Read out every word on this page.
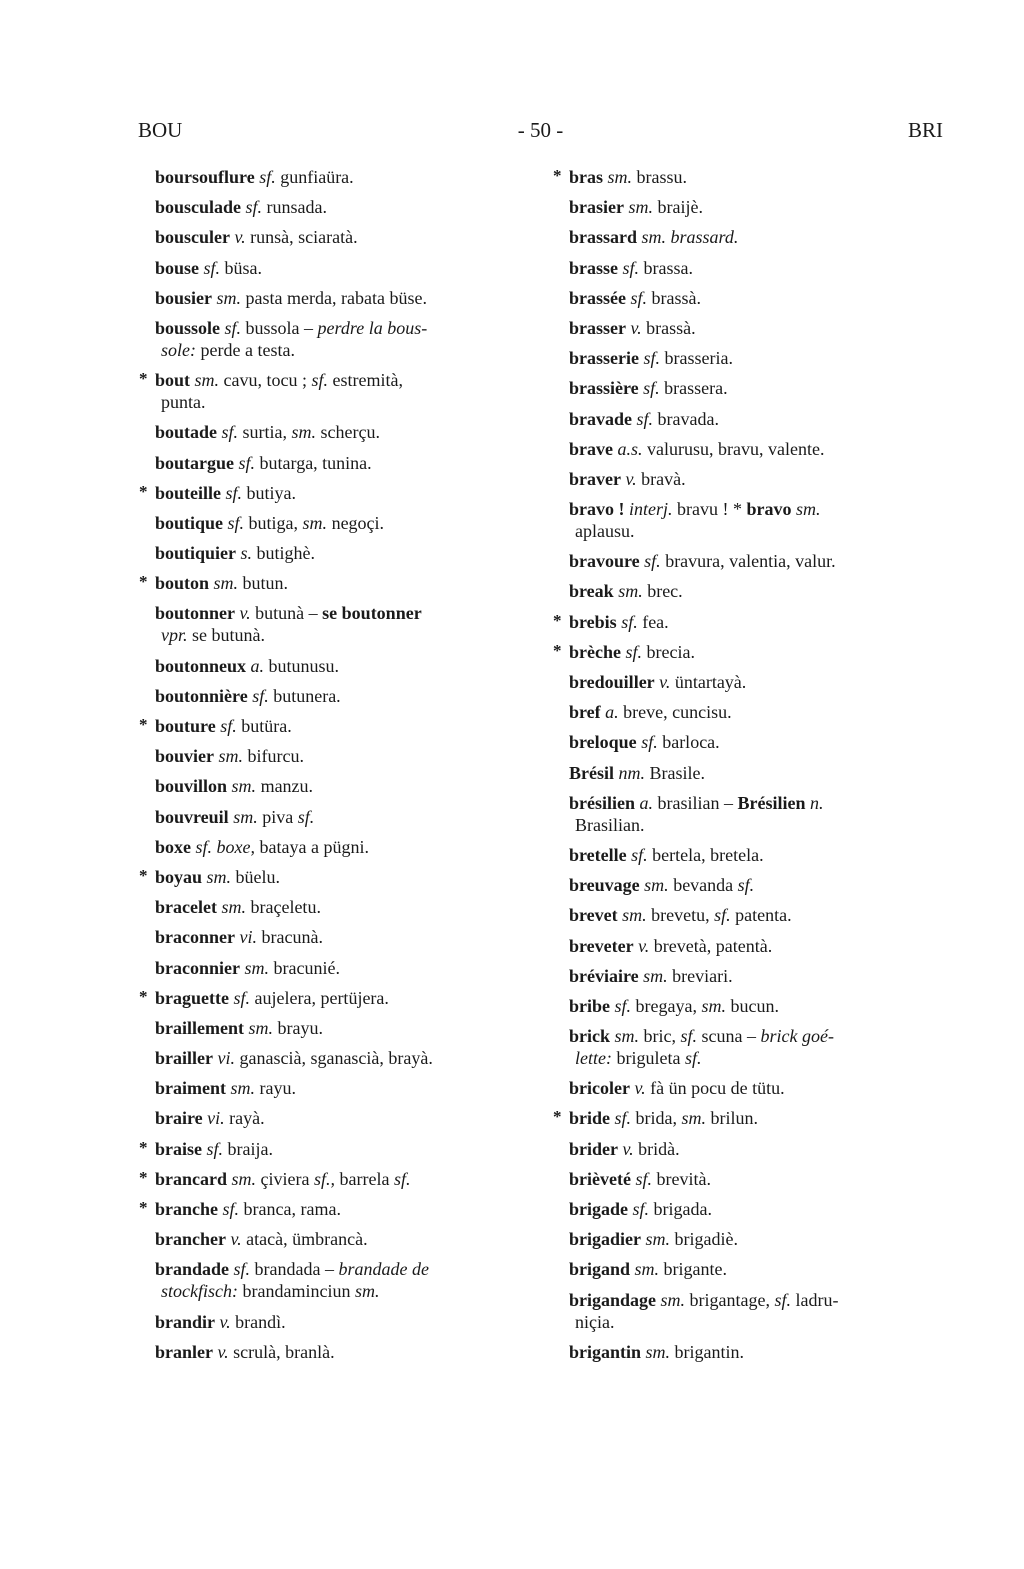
BOU	- 50 -	BRI
boursouflure sf. gunfiaüra.
bousculade sf. runsada.
bousculer v. runsà, sciaratà.
bouse sf. büsa.
bousier sm. pasta merda, rabata büse.
boussole sf. bussola – perdre la bous-
sole: perde a testa.
* bout sm. cavu, tocu ; sf. estremità,
punta.
boutade sf. surtia, sm. scherçu.
boutargue sf. butarga, tunina.
* bouteille sf. butiya.
boutique sf. butiga, sm. negoçi.
boutiquier s. butighè.
* bouton sm. butun.
boutonner v. butunà – se boutonner
vpr. se butunà.
boutonneux a. butunusu.
boutonnière sf. butunera.
* bouture sf. butüra.
bouvier sm. bifurcu.
bouvillon sm. manzu.
bouvreuil sm. piva sf.
boxe sf. boxe, bataya a pügni.
* boyau sm. büelu.
bracelet sm. braçeletu.
braconner vi. bracunà.
braconnier sm. bracunié.
* braguette sf. aujelera, pertüjera.
braillement sm. brayu.
brailler vi. ganascià, sganascià, brayà.
braiment sm. rayu.
braire vi. rayà.
* braise sf. braija.
* brancard sm. çiviera sf., barrela sf.
* branche sf. branca, rama.
brancher v. atacà, ümbrancà.
brandade sf. brandada – brandade de
stockfisch: brandaminciun sm.
brandir v. brandì.
branler v. scrulà, branlà.
* bras sm. brassu.
brasier sm. braijè.
brassard sm. brassard.
brasse sf. brassa.
brassée sf. brassà.
brasser v. brassà.
brasserie sf. brasseria.
brassière sf. brassera.
bravade sf. bravada.
brave a.s. valurusu, bravu, valente.
braver v. bravà.
bravo ! interj. bravu ! * bravo sm.
aplausu.
bravoure sf. bravura, valentia, valur.
break sm. brec.
* brebis sf. fea.
* brèche sf. brecia.
bredouiller v. üntartayà.
bref a. breve, cuncisu.
breloque sf. barloca.
Brésil nm. Brasile.
brésilien a. brasilian – Brésilien n.
Brasilian.
bretelle sf. bertela, bretela.
breuvage sm. bevanda sf.
brevet sm. brevetu, sf. patenta.
breveter v. brevetà, patentà.
bréviaire sm. breviari.
bribe sf. bregaya, sm. bucun.
brick sm. bric, sf. scuna – brick goé-
lette: briguleta sf.
bricoler v. fà ün pocu de tütu.
* bride sf. brida, sm. brilun.
brider v. bridà.
brièveté sf. brevità.
brigade sf. brigada.
brigadier sm. brigadiè.
brigand sm. brigante.
brigandage sm. brigantage, sf. ladru-
niçia.
brigantin sm. brigantin.
